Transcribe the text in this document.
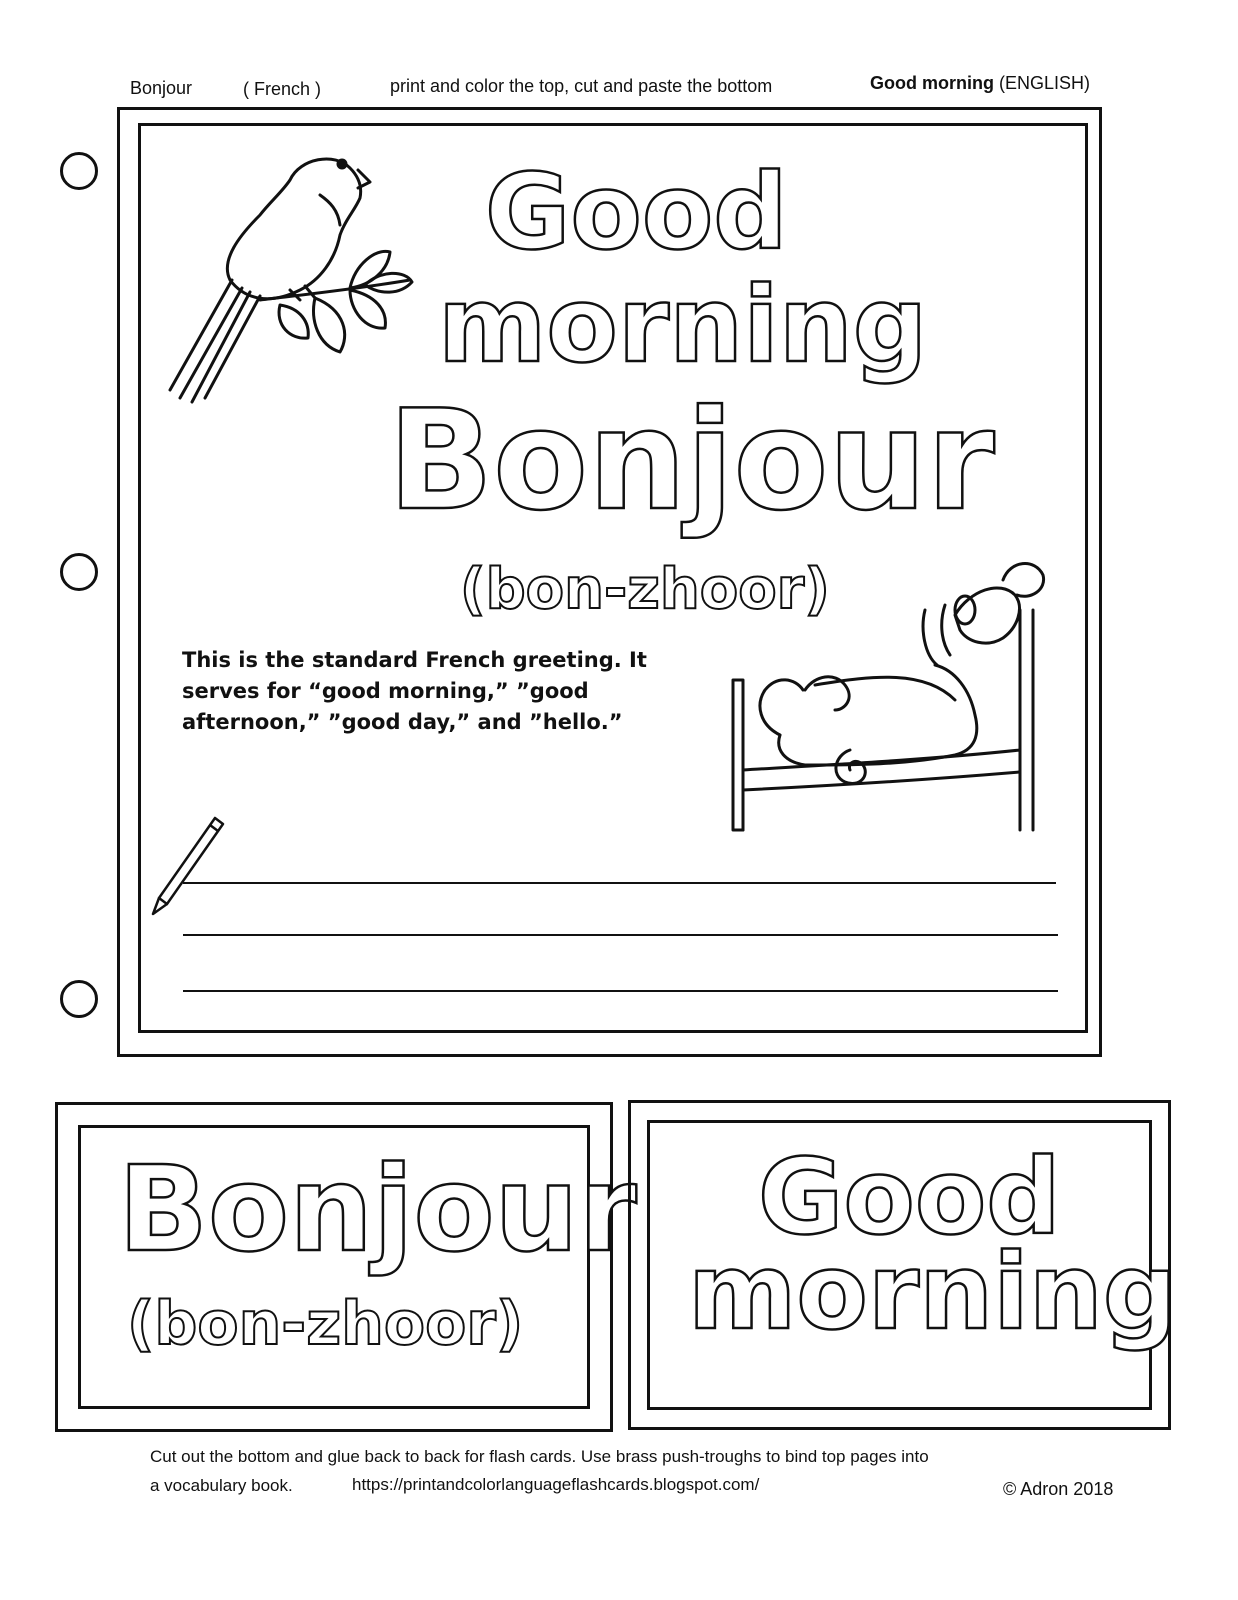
Bonjour	( French )	print and color the top, cut and paste the bottom	Good morning (ENGLISH)
Good
morning
Bonjour
(bon-zhoor)
This is the standard French greeting. It serves for “good morning,” ”good afternoon,” ”good day,” and ”hello.”
Bonjour
(bon-zhoor)
Good
morning
Cut out the bottom and glue back to back for flash cards. Use brass push-troughs to bind top pages into
a vocabulary book.	https://printandcolorlanguageflashcards.blogspot.com/	© Adron 2018
